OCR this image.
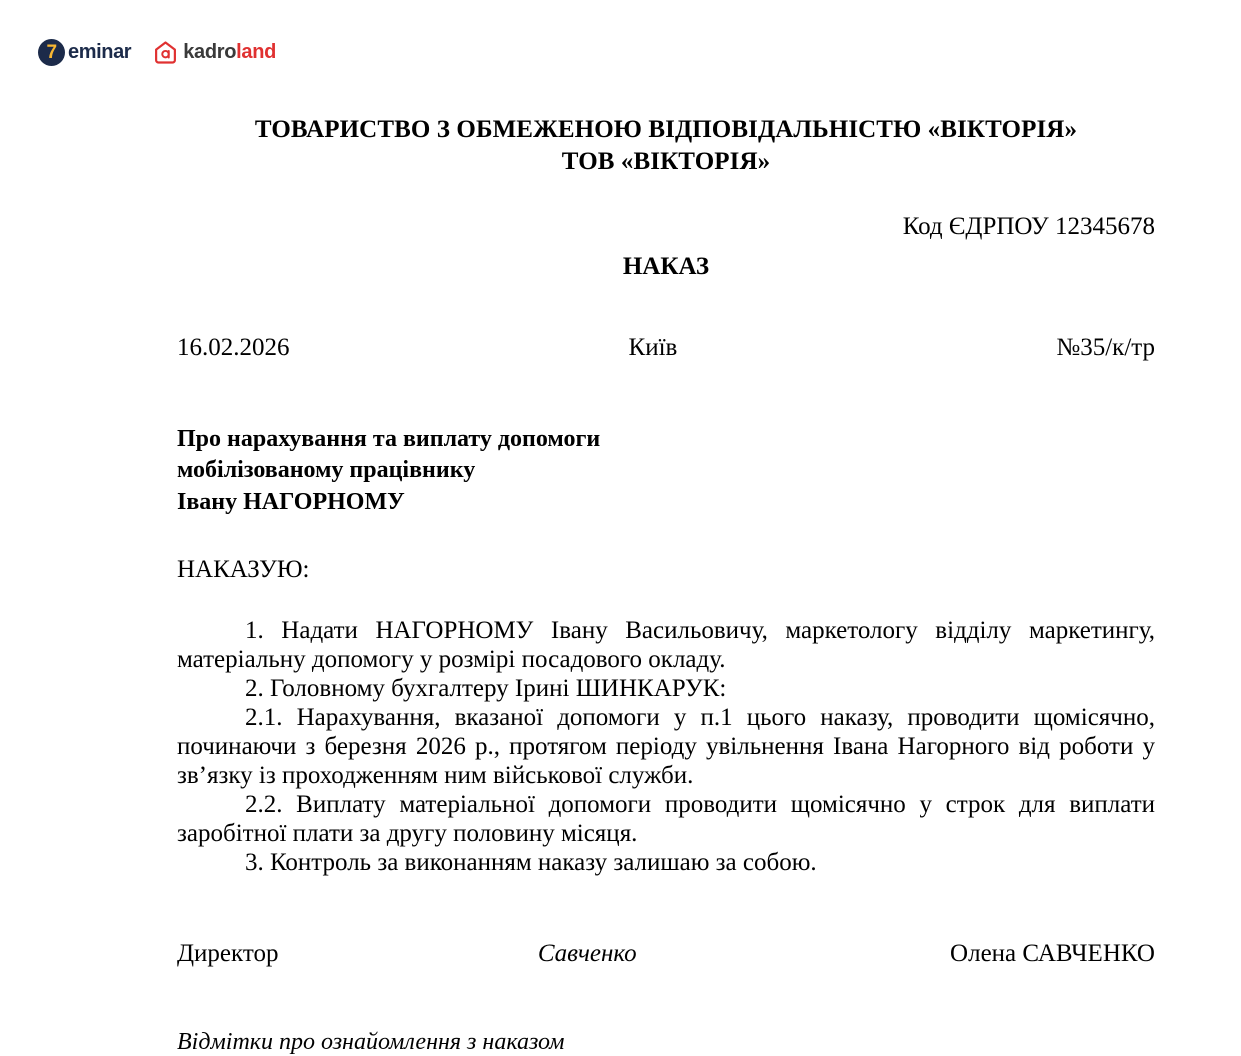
7 eminar	kadroland
ТОВАРИСТВО З ОБМЕЖЕНОЮ ВІДПОВІДАЛЬНІСТЮ «ВІКТОРІЯ»
ТОВ «ВІКТОРІЯ»

Код ЄДРПОУ 12345678

НАКАЗ

16.02.2026	Київ	№35/к/тр
Про нарахування та виплату допомоги
мобілізованому працівнику
Івану НАГОРНОМУ

НАКАЗУЮ:

1. Надати НАГОРНОМУ Івану Васильовичу, маркетологу відділу маркетингу, матеріальну допомогу у розмірі посадового окладу.

2. Головному бухгалтеру Ірині ШИНКАРУК:

2.1. Нарахування, вказаної допомоги у п.1 цього наказу, проводити щомісячно, починаючи з березня 2026 р., протягом періоду увільнення Івана Нагорного від роботи у зв’язку із проходженням ним військової служби.

2.2. Виплату матеріальної допомоги проводити щомісячно у строк для виплати заробітної плати за другу половину місяця.

3. Контроль за виконанням наказу залишаю за собою.

Директор	Савченко	Олена САВЧЕНКО

Відмітки про ознайомлення з наказом
